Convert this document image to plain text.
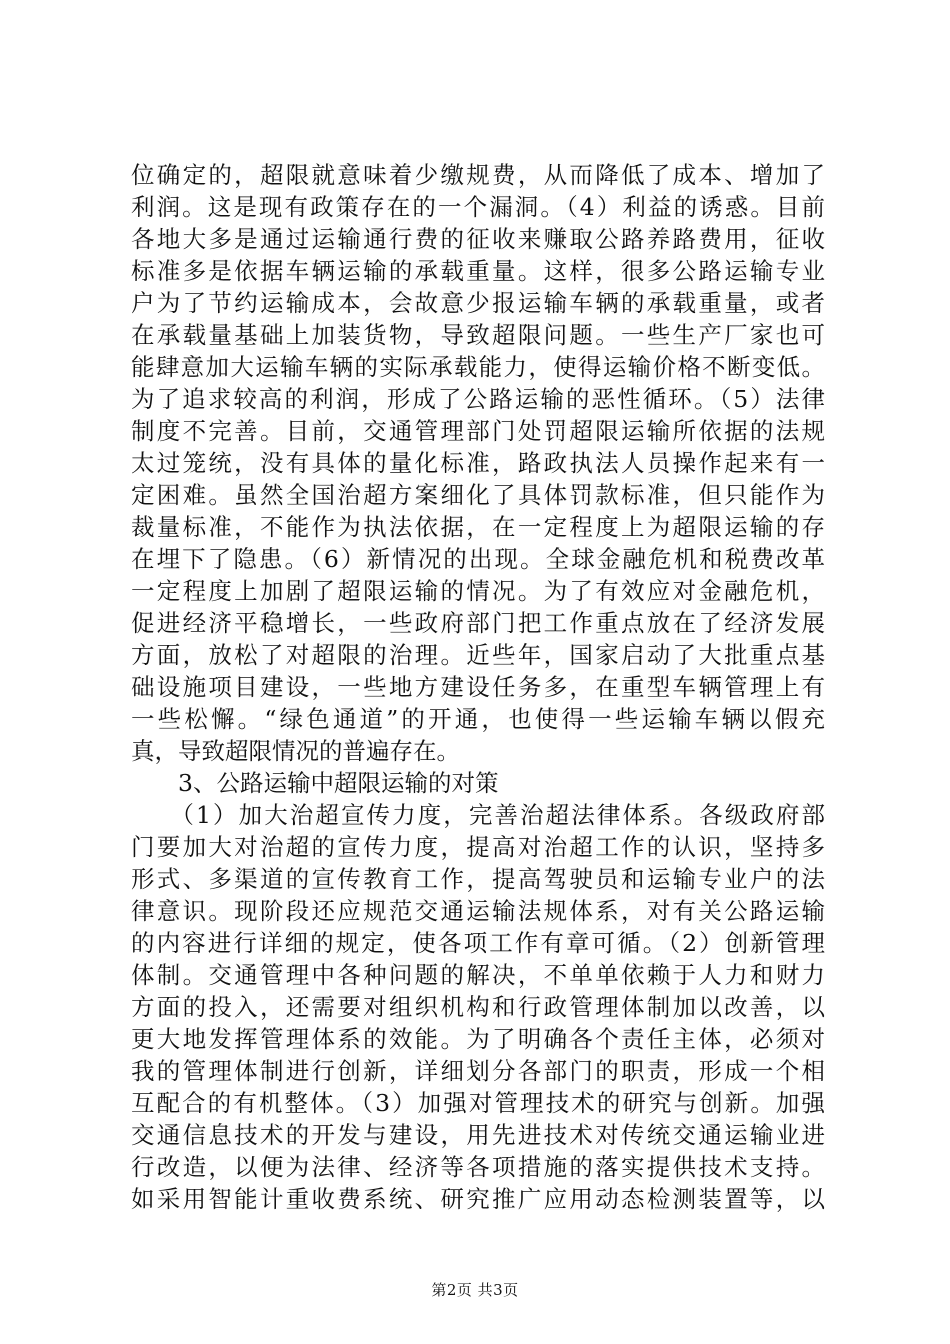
位确定的，超限就意味着少缴规费，从而降低了成本、增加了
利润。这是现有政策存在的一个漏洞。（4）利益的诱惑。目前
各地大多是通过运输通行费的征收来赚取公路养路费用，征收
标准多是依据车辆运输的承载重量。这样，很多公路运输专业
户为了节约运输成本，会故意少报运输车辆的承载重量，或者
在承载量基础上加装货物，导致超限问题。一些生产厂家也可
能肆意加大运输车辆的实际承载能力，使得运输价格不断变低。
为了追求较高的利润，形成了公路运输的恶性循环。（5）法律
制度不完善。目前，交通管理部门处罚超限运输所依据的法规
太过笼统，没有具体的量化标准，路政执法人员操作起来有一
定困难。虽然全国治超方案细化了具体罚款标准，但只能作为
裁量标准，不能作为执法依据，在一定程度上为超限运输的存
在埋下了隐患。（6）新情况的出现。全球金融危机和税费改革
一定程度上加剧了超限运输的情况。为了有效应对金融危机，
促进经济平稳增长，一些政府部门把工作重点放在了经济发展
方面，放松了对超限的治理。近些年，国家启动了大批重点基
础设施项目建设，一些地方建设任务多，在重型车辆管理上有
一些松懈。“绿色通道”的开通，也使得一些运输车辆以假充
真，导致超限情况的普遍存在。
　　3、公路运输中超限运输的对策
　　（1）加大治超宣传力度，完善治超法律体系。各级政府部
门要加大对治超的宣传力度，提高对治超工作的认识，坚持多
形式、多渠道的宣传教育工作，提高驾驶员和运输专业户的法
律意识。现阶段还应规范交通运输法规体系，对有关公路运输
的内容进行详细的规定，使各项工作有章可循。（2）创新管理
体制。交通管理中各种问题的解决，不单单依赖于人力和财力
方面的投入，还需要对组织机构和行政管理体制加以改善，以
更大地发挥管理体系的效能。为了明确各个责任主体，必须对
我的管理体制进行创新，详细划分各部门的职责，形成一个相
互配合的有机整体。（3）加强对管理技术的研究与创新。加强
交通信息技术的开发与建设，用先进技术对传统交通运输业进
行改造，以便为法律、经济等各项措施的落实提供技术支持。
如采用智能计重收费系统、研究推广应用动态检测装置等，以
第2页 共3页
